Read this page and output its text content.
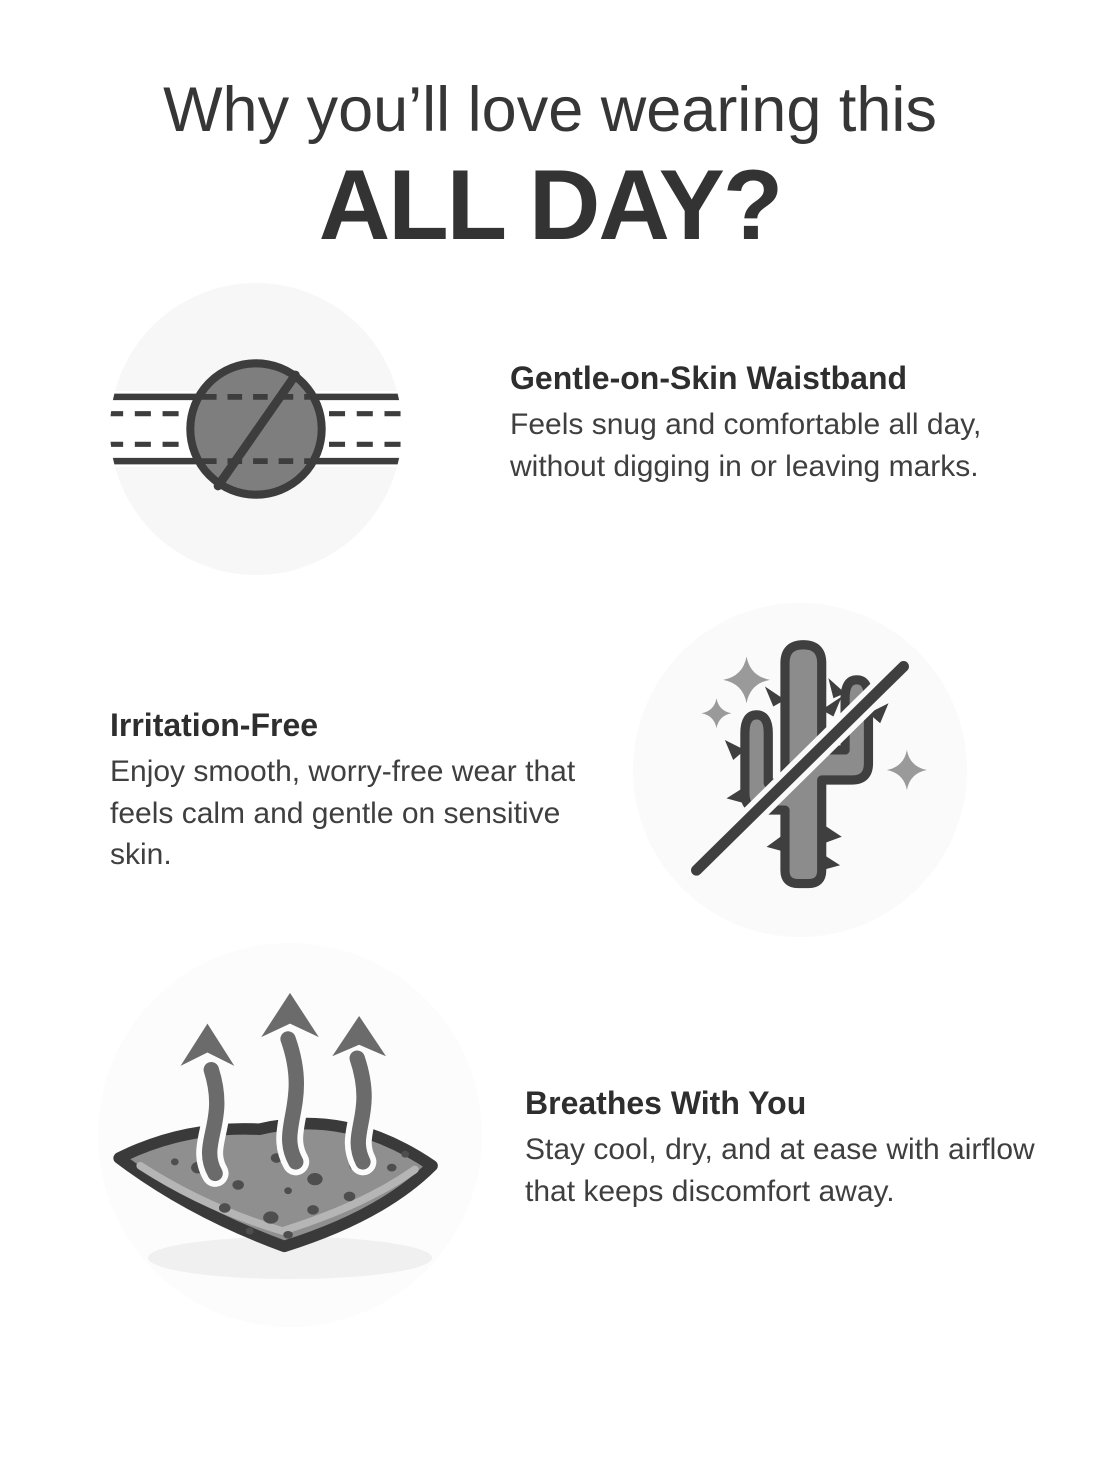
Why you’ll love wearing this
ALL DAY?
Gentle-on-Skin Waistband

Feels snug and comfortable all day, without digging in or leaving marks.

Irritation-Free

Enjoy smooth, worry-free wear that feels calm and gentle on sensitive skin.

Breathes With You

Stay cool, dry, and at ease with airflow that keeps discomfort away.
